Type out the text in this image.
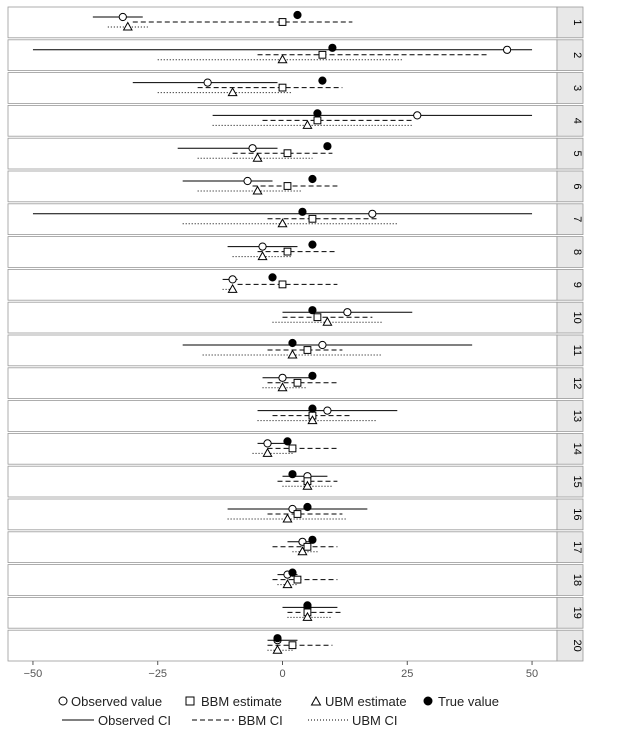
1
2
3
4
5
6
7
8
9
10
11
12
13
14
15
16
17
18
19
20
−50	−25	0	25	50
Observed value	BBM estimate	UBM estimate True value
Observed CI	BBM CI	UBM CI
